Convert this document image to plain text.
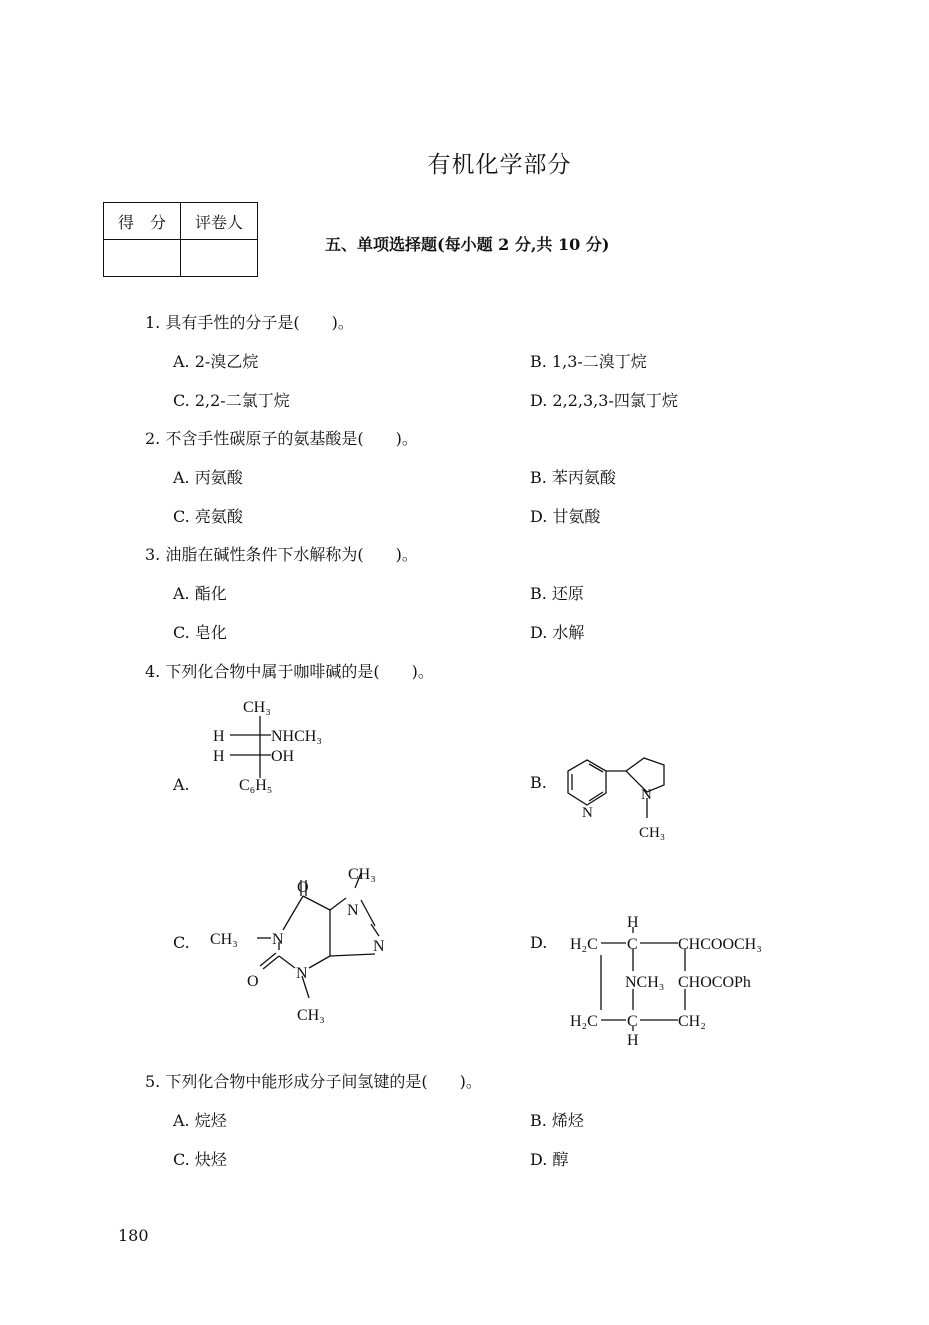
有机化学部分
得　分	评卷人

五、单项选择题(每小题 2 分,共 10 分)
1. 具有手性的分子是(　　)。
A. 2-溴乙烷	B. 1,3-二溴丁烷
C. 2,2-二氯丁烷	D. 2,2,3,3-四氯丁烷
2. 不含手性碳原子的氨基酸是(　　)。
A. 丙氨酸	B. 苯丙氨酸
C. 亮氨酸	D. 甘氨酸
3. 油脂在碱性条件下水解称为(　　)。
A. 酯化	B. 还原
C. 皂化	D. 水解
4. 下列化合物中属于咖啡碱的是(　　)。
A.	B.
C.	D.
CH₃
H	NHCH₃
H	OH
C₆H₅
N
N
CH₃
O
CH₃
N
CH₃ N	N
O N
CH₃
H
H₂C C	CHCOOCH₃
NCH₃ CHOCOPh
H₂C C	CH₂
H
5. 下列化合物中能形成分子间氢键的是(　　)。
A. 烷烃	B. 烯烃
C. 炔烃	D. 醇
180
